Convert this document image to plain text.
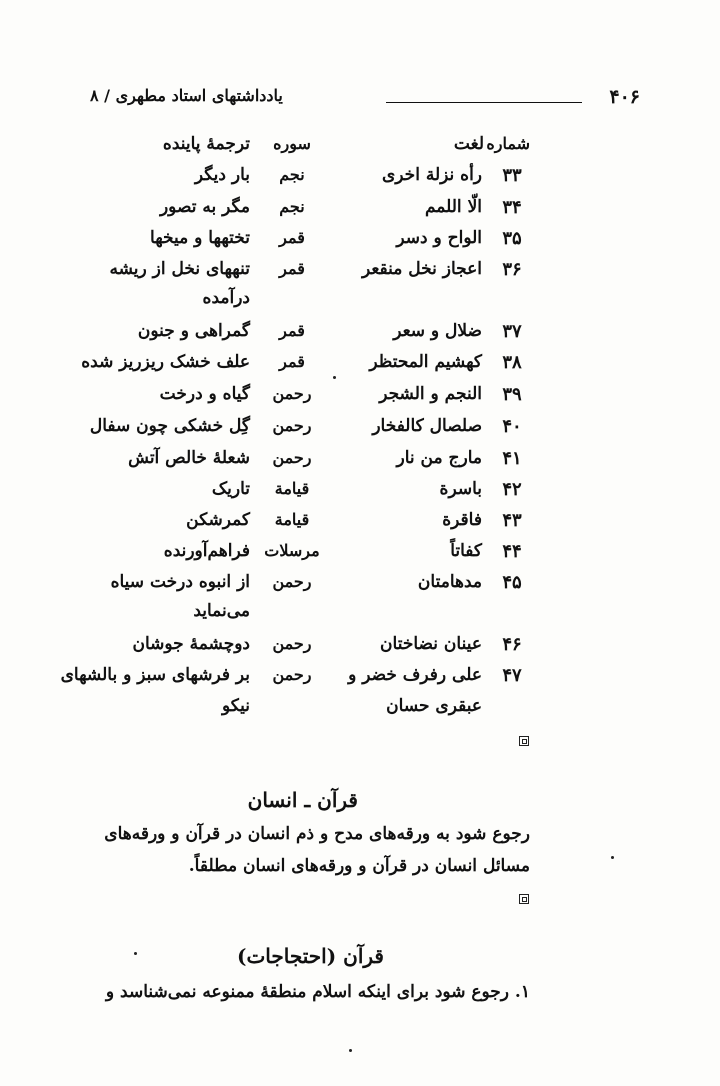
۴۰۶
یادداشتهای استاد مطهری / ۸
شماره
لغت
سوره
ترجمهٔ پاینده
۳۳
رأه نزلة اخری
نجم
بار دیگر
۳۴
الّا اللمم
نجم
مگر به تصور
۳۵
الواح و دسر
قمر
تختهها و میخها
۳۶
اعجاز نخل منقعر
قمر
تنههای نخل از ریشه
درآمده
۳۷
ضلال و سعر
قمر
گمراهی و جنون
۳۸
کهشیم المحتظر
قمر
علف خشک ریزریز شده
۳۹
النجم و الشجر
رحمن
گیاه و درخت
۴۰
صلصال کالفخار
رحمن
گِل خشکی چون سفال
۴۱
مارج من نار
رحمن
شعلهٔ خالص آتش
۴۲
باسرة
قیامة
تاریک
۴۳
فاقرة
قیامة
کمرشکن
۴۴
کفاتاً
مرسلات
فراهم‌آورنده
۴۵
مدهامتان
رحمن
از انبوه درخت سیاه
می‌نماید
۴۶
عینان نضاختان
رحمن
دوچشمهٔ جوشان
۴۷
علی رفرف خضر و
رحمن
بر فرشهای سبز و بالشهای
عبقری حسان
نیکو
قرآن ـ انسان
رجوع شود به ورقه‌های مدح و ذم انسان در قرآن و ورقه‌های
مسائل انسان در قرآن و ورقه‌های انسان مطلقاً.
قرآن (احتجاجات)
۱. رجوع شود برای اینکه اسلام منطقهٔ ممنوعه نمی‌شناسد و
